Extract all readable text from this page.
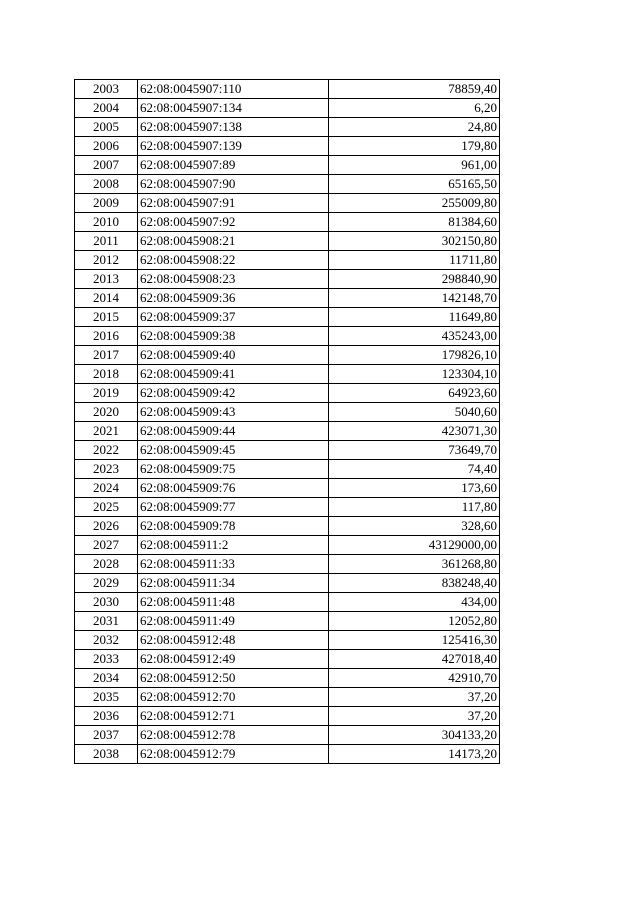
2003	62:08:0045907:110	78859,40
2004	62:08:0045907:134	6,20
2005	62:08:0045907:138	24,80
2006	62:08:0045907:139	179,80
2007	62:08:0045907:89	961,00
2008	62:08:0045907:90	65165,50
2009	62:08:0045907:91	255009,80
2010	62:08:0045907:92	81384,60
2011	62:08:0045908:21	302150,80
2012	62:08:0045908:22	11711,80
2013	62:08:0045908:23	298840,90
2014	62:08:0045909:36	142148,70
2015	62:08:0045909:37	11649,80
2016	62:08:0045909:38	435243,00
2017	62:08:0045909:40	179826,10
2018	62:08:0045909:41	123304,10
2019	62:08:0045909:42	64923,60
2020	62:08:0045909:43	5040,60
2021	62:08:0045909:44	423071,30
2022	62:08:0045909:45	73649,70
2023	62:08:0045909:75	74,40
2024	62:08:0045909:76	173,60
2025	62:08:0045909:77	117,80
2026	62:08:0045909:78	328,60
2027	62:08:0045911:2	43129000,00
2028	62:08:0045911:33	361268,80
2029	62:08:0045911:34	838248,40
2030	62:08:0045911:48	434,00
2031	62:08:0045911:49	12052,80
2032	62:08:0045912:48	125416,30
2033	62:08:0045912:49	427018,40
2034	62:08:0045912:50	42910,70
2035	62:08:0045912:70	37,20
2036	62:08:0045912:71	37,20
2037	62:08:0045912:78	304133,20
2038	62:08:0045912:79	14173,20
